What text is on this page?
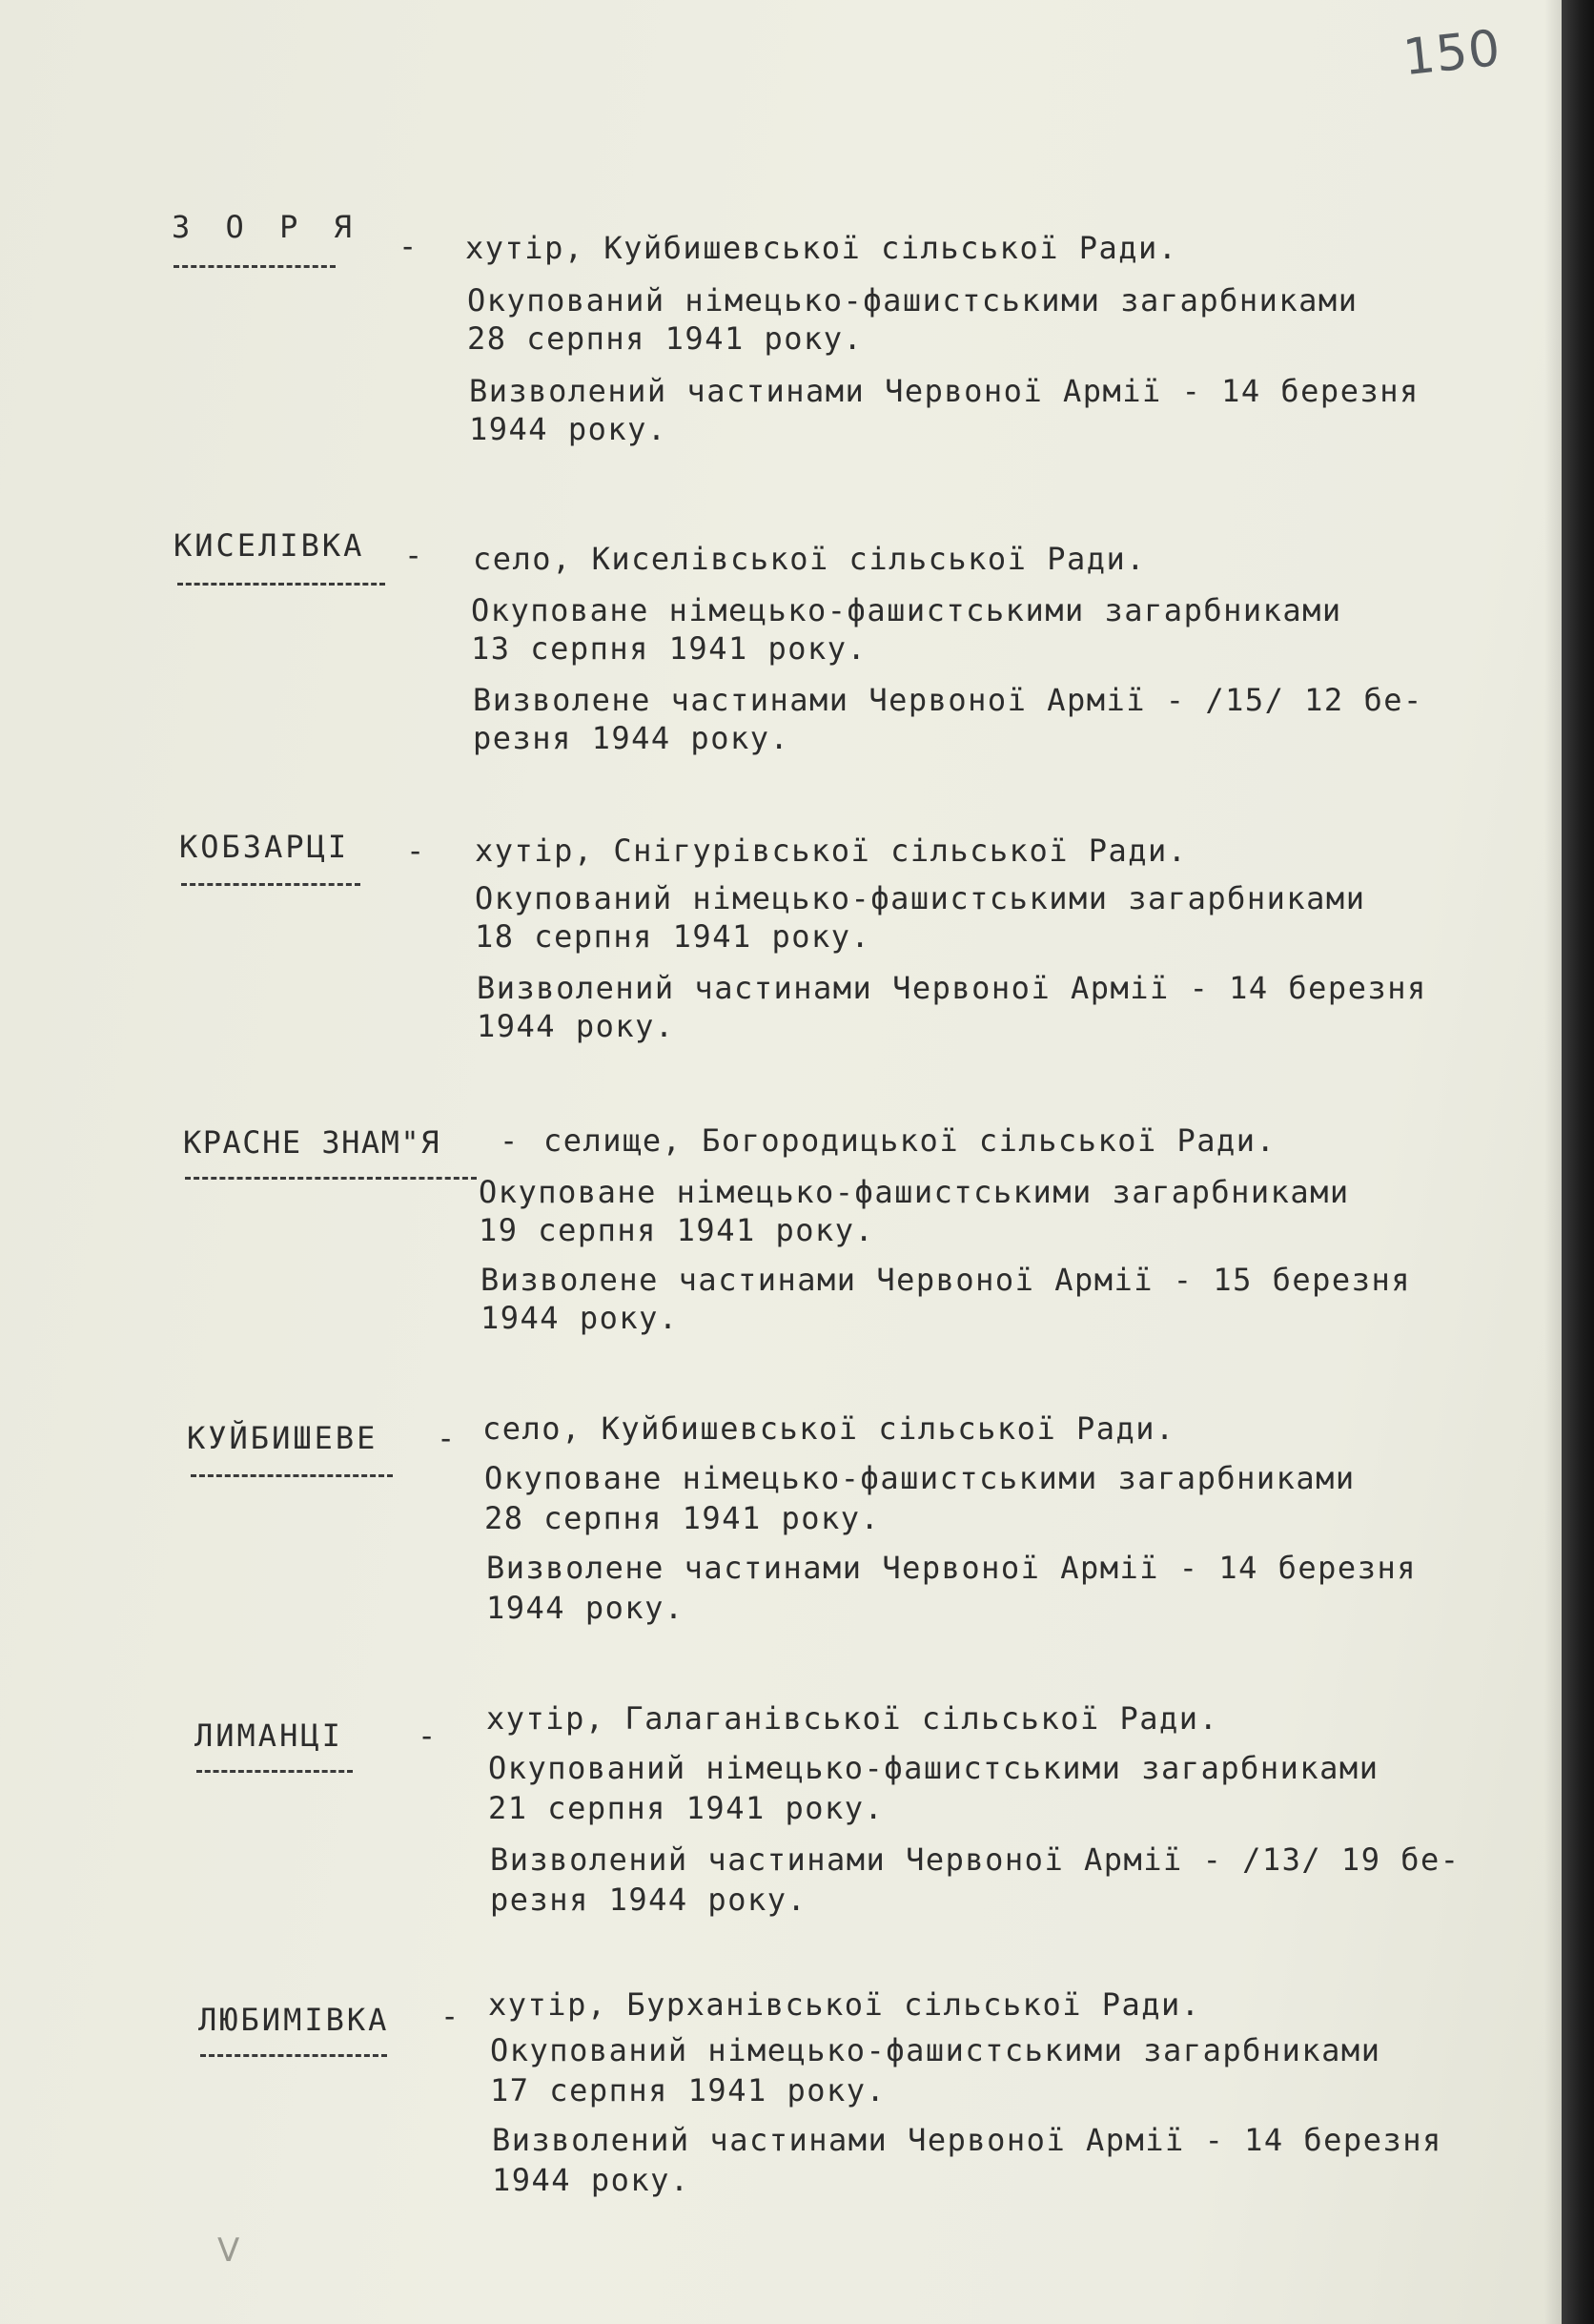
150
З О Р Я
- хутір, Куйбишевської сільської Ради.
Окупований німецько-фашистськими загарбниками
28 серпня 1941 року.
Визволений частинами Червоної Армії - 14 березня
1944 року.
КИСЕЛІВКА - село, Киселівської сільської Ради.
Окуповане німецько-фашистськими загарбниками
13 серпня 1941 року.
Визволене частинами Червоної Армії - /15/ 12 бе-
резня 1944 року.
КОБЗАРЦІ - хутір, Снігурівської сільської Ради.
Окупований німецько-фашистськими загарбниками
18 серпня 1941 року.
Визволений частинами Червоної Армії - 14 березня
1944 року.
КРАСНЕ ЗНАМ"Я - селище, Богородицької сільської Ради.
Окуповане німецько-фашистськими загарбниками
19 серпня 1941 року.
Визволене частинами Червоної Армії - 15 березня
1944 року.
КУЙБИШЕВЕ - село, Куйбишевської сільської Ради.
Окуповане німецько-фашистськими загарбниками
28 серпня 1941 року.
Визволене частинами Червоної Армії - 14 березня
1944 року.
ЛИМАНЦІ - хутір, Галаганівської сільської Ради.
Окупований німецько-фашистськими загарбниками
21 серпня 1941 року.
Визволений частинами Червоної Армії - /13/ 19 бе-
резня 1944 року.
ЛЮБИМІВКА - хутір, Бурханівської сільської Ради.
Окупований німецько-фашистськими загарбниками
17 серпня 1941 року.
Визволений частинами Червоної Армії - 14 березня
1944 року.
V
